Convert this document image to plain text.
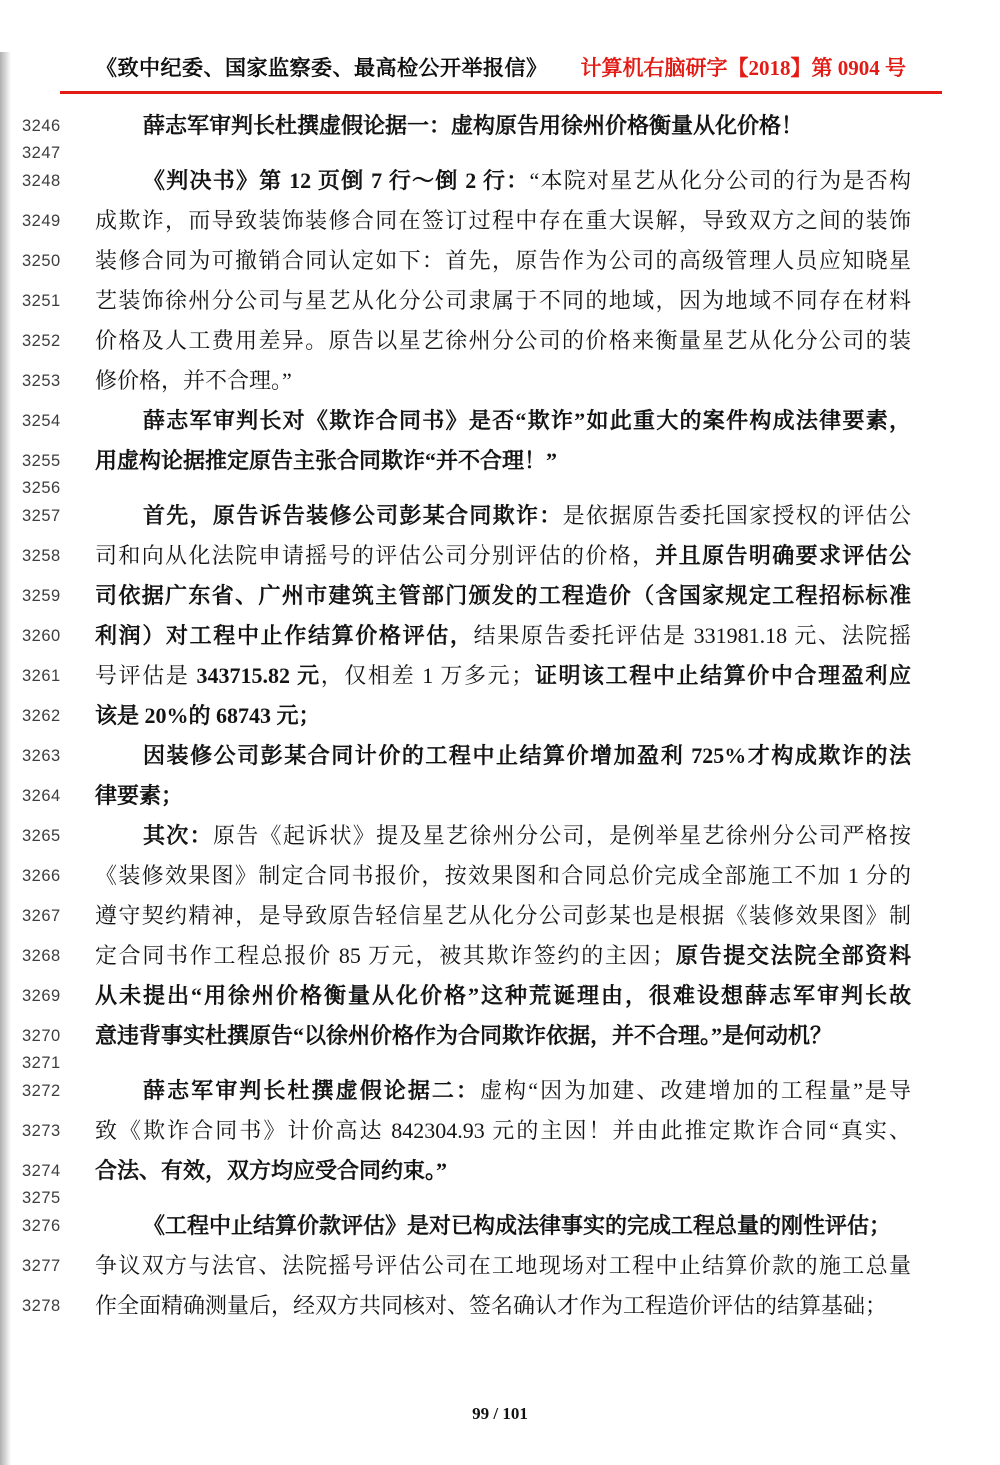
《致中纪委、国家监察委、最高检公开举报信》 计算机右脑研字【2018】第 0904 号
3246	薛志军审判长杜撰虚假论据一：虚构原告用徐州价格衡量从化价格！
3247
3248	《判决书》第 12 页倒 7 行～倒 2 行：“本院对星艺从化分公司的行为是否构
3249	成欺诈，而导致装饰装修合同在签订过程中存在重大误解，导致双方之间的装饰
3250	装修合同为可撤销合同认定如下：首先，原告作为公司的高级管理人员应知晓星
3251	艺装饰徐州分公司与星艺从化分公司隶属于不同的地域，因为地域不同存在材料
3252	价格及人工费用差异。原告以星艺徐州分公司的价格来衡量星艺从化分公司的装
3253	修价格，并不合理。”
3254	薛志军审判长对《欺诈合同书》是否“欺诈”如此重大的案件构成法律要素，
3255	用虚构论据推定原告主张合同欺诈“并不合理！”
3256
3257	首先，原告诉告装修公司彭某合同欺诈：是依据原告委托国家授权的评估公
3258	司和向从化法院申请摇号的评估公司分别评估的价格，并且原告明确要求评估公
3259	司依据广东省、广州市建筑主管部门颁发的工程造价（含国家规定工程招标标准
3260	利润）对工程中止作结算价格评估，结果原告委托评估是 331981.18 元、法院摇
3261	号评估是 343715.82 元，仅相差 1 万多元；证明该工程中止结算价中合理盈利应
3262	该是 20%的 68743 元；
3263	因装修公司彭某合同计价的工程中止结算价增加盈利 725%才构成欺诈的法
3264	律要素；
3265	其次：原告《起诉状》提及星艺徐州分公司，是例举星艺徐州分公司严格按
3266	《装修效果图》制定合同书报价，按效果图和合同总价完成全部施工不加 1 分的
3267	遵守契约精神，是导致原告轻信星艺从化分公司彭某也是根据《装修效果图》制
3268	定合同书作工程总报价 85 万元，被其欺诈签约的主因；原告提交法院全部资料
3269	从未提出“用徐州价格衡量从化价格”这种荒诞理由，很难设想薛志军审判长故
3270	意违背事实杜撰原告“以徐州价格作为合同欺诈依据，并不合理。”是何动机？
3271
3272	薛志军审判长杜撰虚假论据二：虚构“因为加建、改建增加的工程量”是导
3273	致《欺诈合同书》计价高达 842304.93 元的主因！并由此推定欺诈合同“真实、
3274	合法、有效，双方均应受合同约束。”
3275
3276	《工程中止结算价款评估》是对已构成法律事实的完成工程总量的刚性评估；
3277	争议双方与法官、法院摇号评估公司在工地现场对工程中止结算价款的施工总量
3278	作全面精确测量后，经双方共同核对、签名确认才作为工程造价评估的结算基础；
99 / 101
